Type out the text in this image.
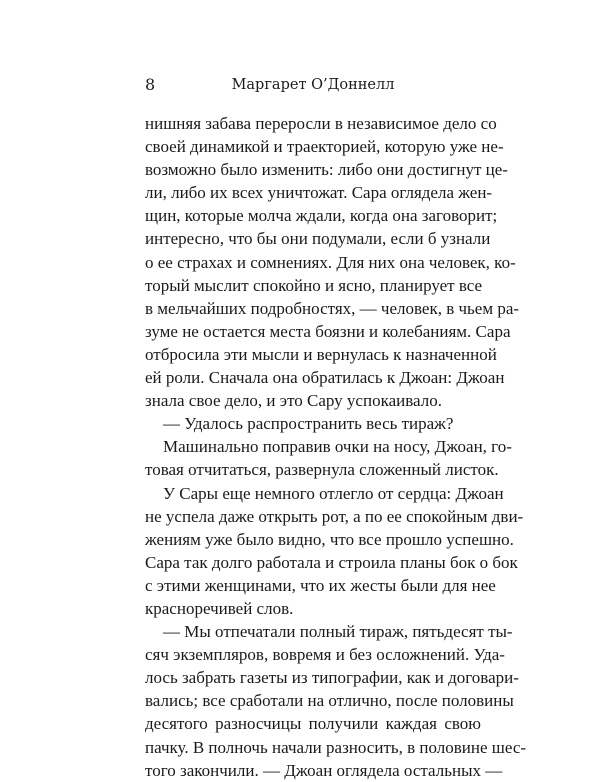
8	Маргарет О’Доннелл
нишняя забава переросли в независимое дело со
своей динамикой и траекторией, которую уже не-
возможно было изменить: либо они достигнут це-
ли, либо их всех уничтожат. Сара оглядела жен-
щин, которые молча ждали, когда она заговорит;
интересно, что бы они подумали, если б узнали
о ее страхах и сомнениях. Для них она человек, ко-
торый мыслит спокойно и ясно, планирует все
в мельчайших подробностях, — человек, в чьем ра-
зуме не остается места боязни и колебаниям. Сара
отбросила эти мысли и вернулась к назначенной
ей роли. Сначала она обратилась к Джоан: Джоан
знала свое дело, и это Сару успокаивало.
— Удалось распространить весь тираж?
Машинально поправив очки на носу, Джоан, го-
товая отчитаться, развернула сложенный листок.
У Сары еще немного отлегло от сердца: Джоан
не успела даже открыть рот, а по ее спокойным дви-
жениям уже было видно, что все прошло успешно.
Сара так долго работала и строила планы бок о бок
с этими женщинами, что их жесты были для нее
красноречивей слов.
— Мы отпечатали полный тираж, пятьдесят ты-
сяч экземпляров, вовремя и без осложнений. Уда-
лось забрать газеты из типографии, как и договари-
вались; все сработали на отлично, после половины
десятого разносчицы получили каждая свою
пачку. В полночь начали разносить, в половине шес-
того закончили. — Джоан оглядела остальных —
